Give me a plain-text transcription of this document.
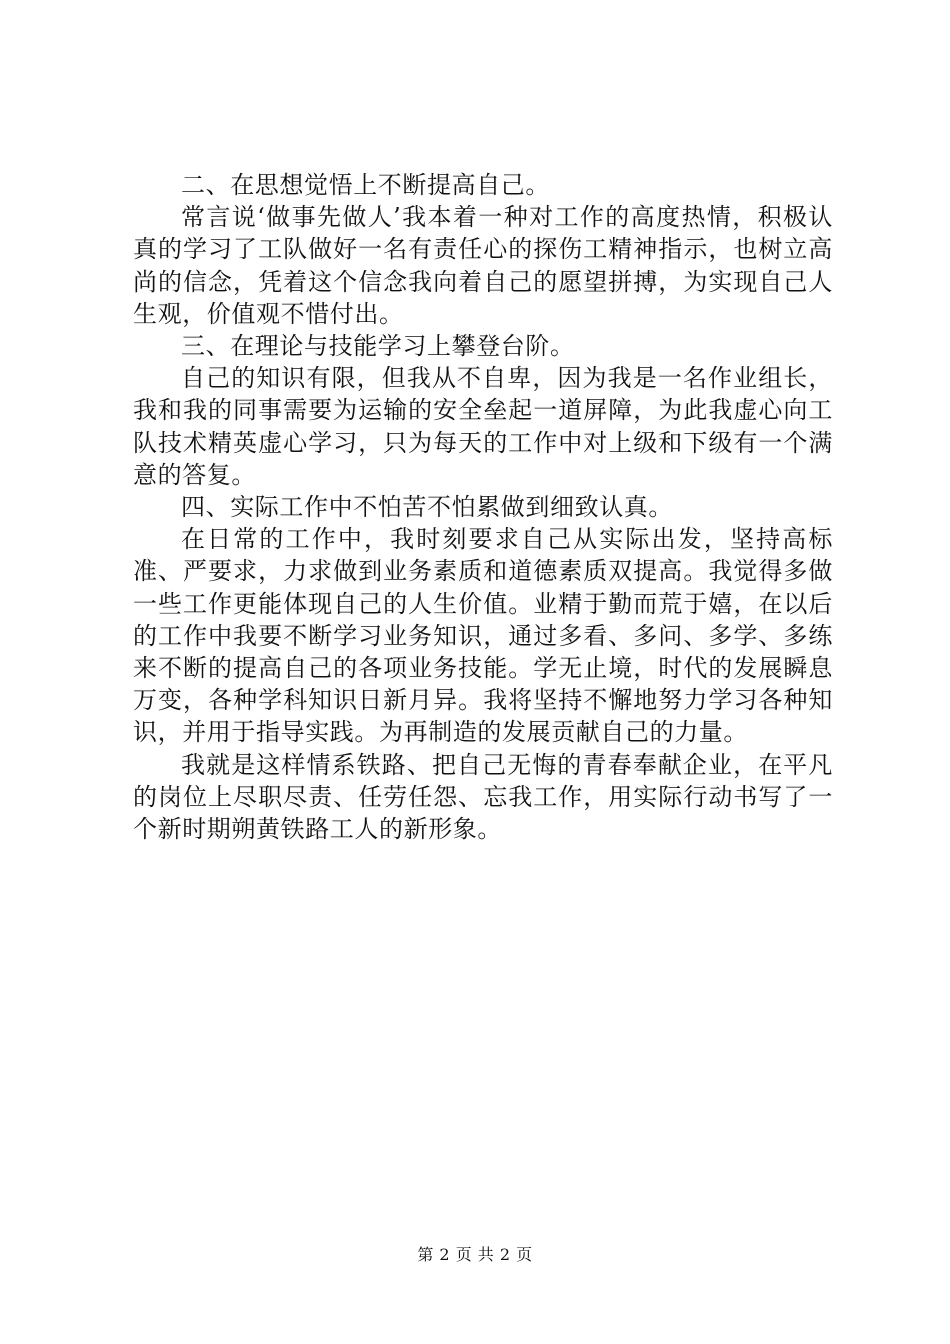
二、在思想觉悟上不断提高自己。

常言说‘做事先做人’我本着一种对工作的高度热情，积极认真的学习了工队做好一名有责任心的探伤工精神指示，也树立高尚的信念，凭着这个信念我向着自己的愿望拼搏，为实现自己人生观，价值观不惜付出。

三、在理论与技能学习上攀登台阶。

自己的知识有限，但我从不自卑，因为我是一名作业组长，我和我的同事需要为运输的安全垒起一道屏障，为此我虚心向工队技术精英虚心学习，只为每天的工作中对上级和下级有一个满意的答复。

四、实际工作中不怕苦不怕累做到细致认真。

在日常的工作中，我时刻要求自己从实际出发，坚持高标准、严要求，力求做到业务素质和道德素质双提高。我觉得多做一些工作更能体现自己的人生价值。业精于勤而荒于嬉，在以后的工作中我要不断学习业务知识，通过多看、多问、多学、多练来不断的提高自己的各项业务技能。学无止境，时代的发展瞬息万变，各种学科知识日新月异。我将坚持不懈地努力学习各种知识，并用于指导实践。为再制造的发展贡献自己的力量。

我就是这样情系铁路、把自己无悔的青春奉献企业，在平凡的岗位上尽职尽责、任劳任怨、忘我工作，用实际行动书写了一个新时期朔黄铁路工人的新形象。

第 2 页 共 2 页
